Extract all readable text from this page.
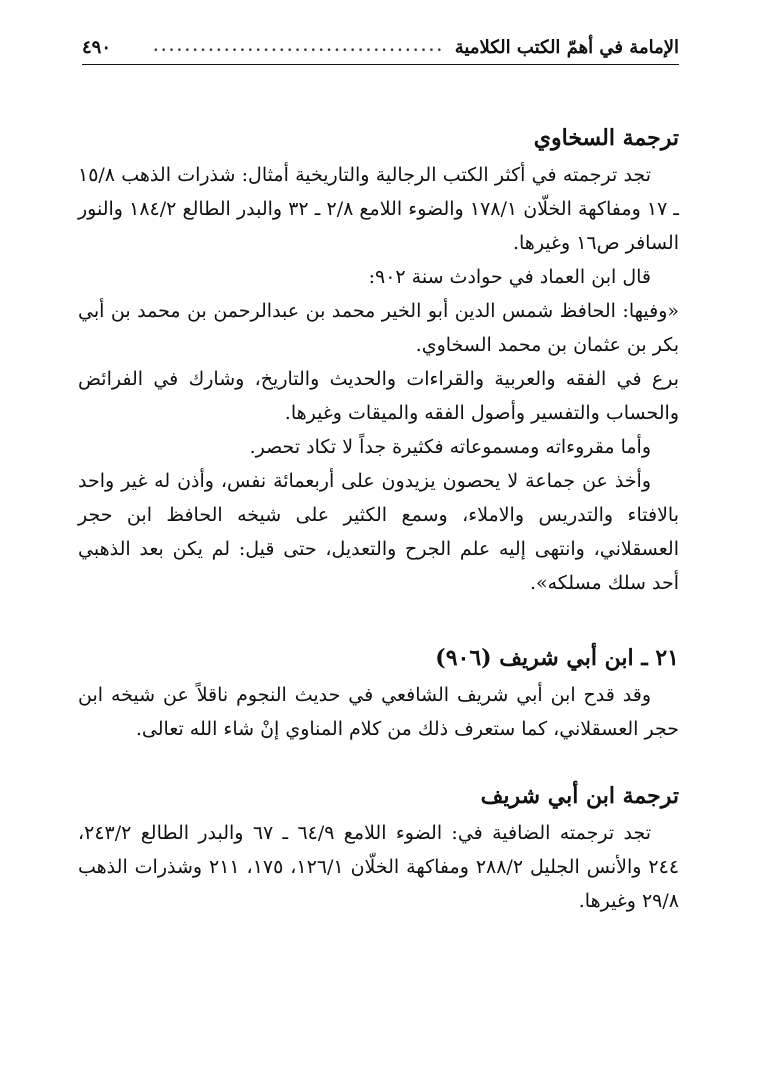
الإمامة في أهمّ الكتب الكلامية
.....................................
٤٩٠
ترجمة السخاوي

تجد ترجمته في أكثر الكتب الرجالية والتاريخية أمثال: شذرات الذهب ١٥/٨ ـ ١٧ ومفاكهة الخلّان ١٧٨/١ والضوء اللامع ٢/٨ ـ ٣٢ والبدر الطالع ١٨٤/٢ والنور السافر ص١٦ وغيرها.

قال ابن العماد في حوادث سنة ٩٠٢:

«وفيها: الحافظ شمس الدين أبو الخير محمد بن عبدالرحمن بن محمد بن أبي بكر بن عثمان بن محمد السخاوي.

برع في الفقه والعربية والقراءات والحديث والتاريخ، وشارك في الفرائض والحساب والتفسير وأصول الفقه والميقات وغيرها.

وأما مقروءاته ومسموعاته فكثيرة جداً لا تكاد تحصر.

وأخذ عن جماعة لا يحصون يزيدون على أربعمائة نفس، وأذن له غير واحد بالافتاء والتدريس والاملاء، وسمع الكثير على شيخه الحافظ ابن حجر العسقلاني، وانتهى إليه علم الجرح والتعديل، حتى قيل: لم يكن بعد الذهبي أحد سلك مسلكه».

٢١ ـ ابن أبي شريف (٩٠٦)

وقد قدح ابن أبي شريف الشافعي في حديث النجوم ناقلاً عن شيخه ابن حجر العسقلاني، كما ستعرف ذلك من كلام المناوي إنْ شاء الله تعالى.

ترجمة ابن أبي شريف

تجد ترجمته الضافية في: الضوء اللامع ٦٤/٩ ـ ٦٧ والبدر الطالع ٢٤٣/٢، ٢٤٤ والأنس الجليل ٢٨٨/٢ ومفاكهة الخلّان ١٢٦/١، ١٧٥، ٢١١ وشذرات الذهب ٢٩/٨ وغيرها.
